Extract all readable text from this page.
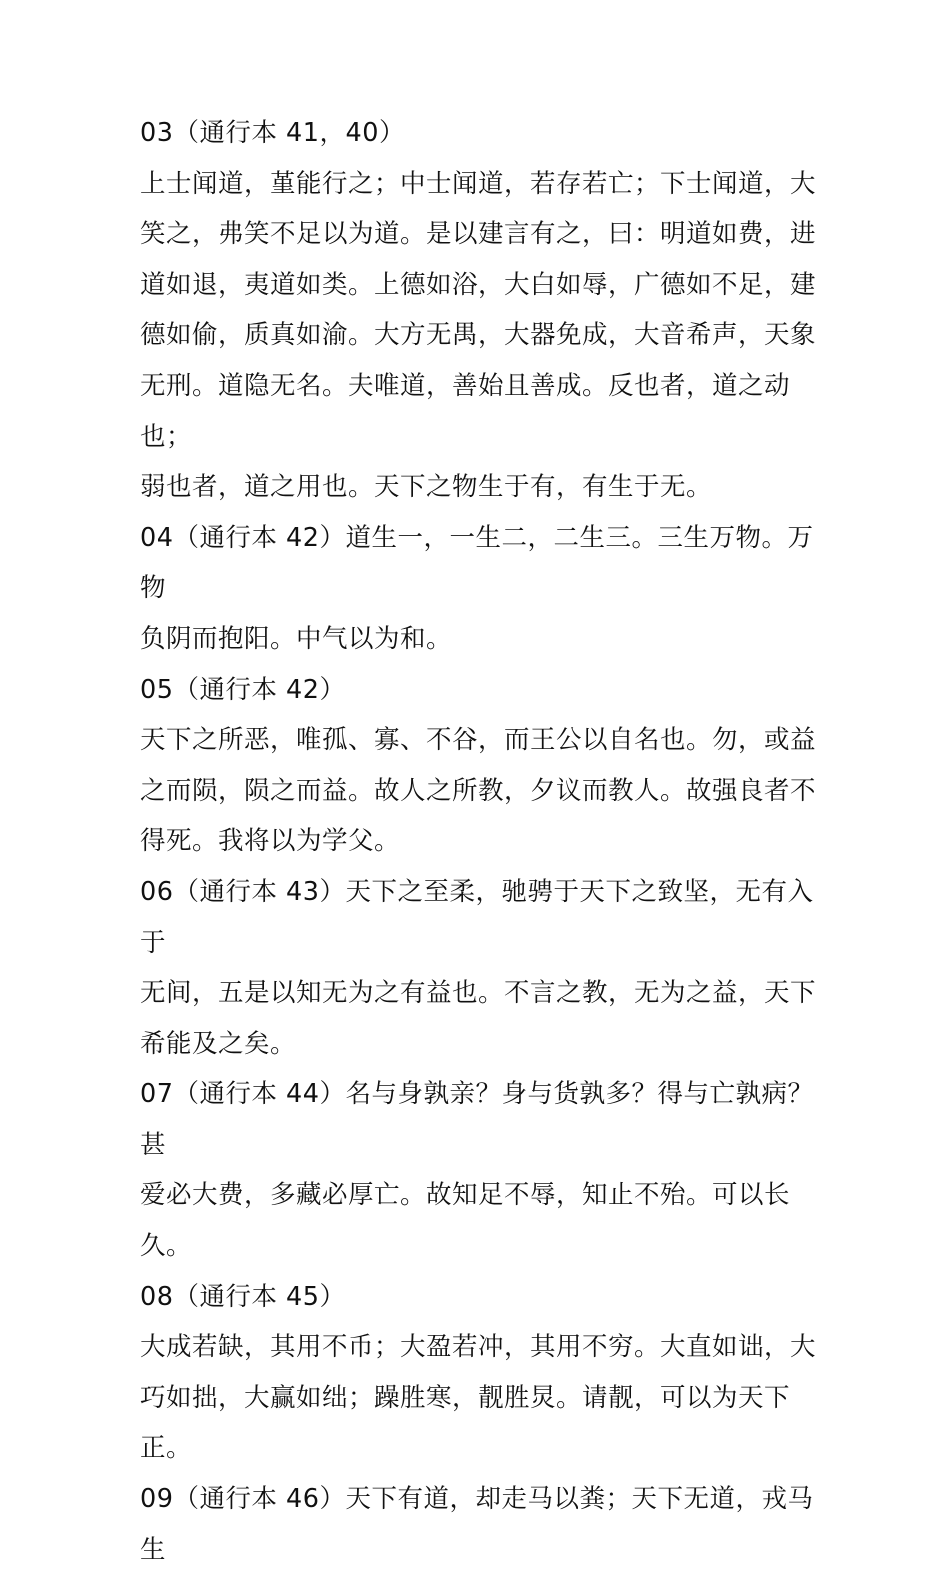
03（通行本 41，40）

上士闻道，堇能行之；中士闻道，若存若亡；下士闻道，大
笑之，弗笑不足以为道。是以建言有之，曰：明道如费，进
道如退，夷道如类。上德如浴，大白如辱，广德如不足，建
德如偷，质真如渝。大方无禺，大器免成，大音希声，天象
无刑。道隐无名。夫唯道，善始且善成。反也者，道之动也；
弱也者，道之用也。天下之物生于有，有生于无。

04（通行本 42）道生一，一生二，二生三。三生万物。万物
负阴而抱阳。中气以为和。

05（通行本 42）

天下之所恶，唯孤、寡、不谷，而王公以自名也。勿，或益
之而陨，陨之而益。故人之所教，夕议而教人。故强良者不
得死。我将以为学父。

06（通行本 43）天下之至柔，驰骋于天下之致坚，无有入于
无间，五是以知无为之有益也。不言之教，无为之益，天下
希能及之矣。

07（通行本 44）名与身孰亲？身与货孰多？得与亡孰病？甚
爱必大费，多藏必厚亡。故知足不辱，知止不殆。可以长久。

08（通行本 45）

大成若缺，其用不币；大盈若冲，其用不穷。大直如诎，大
巧如拙，大赢如绌；躁胜寒，靓胜炅。请靓，可以为天下正。

09（通行本 46）天下有道，却走马以粪；天下无道，戎马生
